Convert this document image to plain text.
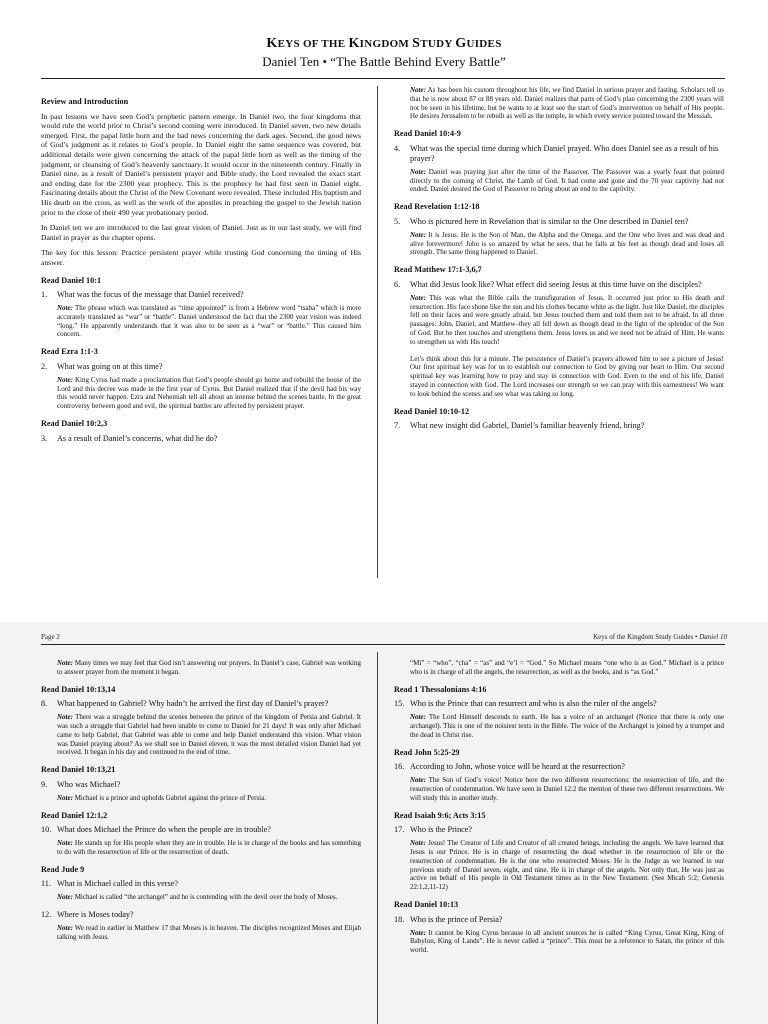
KEYS OF THE KINGDOM STUDY GUIDES
Daniel Ten • “The Battle Behind Every Battle”
Review and Introduction

In past lessons we have seen God’s prophetic pattern emerge. In Daniel two, the four kingdoms that would rule the world prior to Christ’s second coming were introduced. In Daniel seven, two new details emerged. First, the papal little horn and the bad news concerning the dark ages. Second, the good news of God’s judgment as it relates to God’s people. In Daniel eight the same sequence was covered, but additional details were given concerning the attack of the papal little horn as well as the timing of the judgment, or cleansing of God’s heavenly sanctuary. It would occur in the nineteenth century. Finally in Daniel nine, as a result of Daniel’s persistent prayer and Bible study, the Lord revealed the exact start and ending date for the 2300 year prophecy. This is the prophecy he had first seen in Daniel eight. Fascinating details about the Christ of the New Covenant were revealed. These included His baptism and His death on the cross, as well as the work of the apostles in preaching the gospel to the Jewish nation prior to the close of their 490 year probationary period.

In Daniel ten we are introduced to the last great vision of Daniel. Just as in our last study, we will find Daniel in prayer as the chapter opens.

The key for this lesson: Practice persistent prayer while trusting God concerning the timing of His answer.

Read Daniel 10:1
1.	What was the focus of the message that Daniel received?
Note: The phrase which was translated as “time appointed” is from a Hebrew word “tsaba” which is more accurately translated as “war” or “battle”. Daniel understood the fact that the 2300 year vision was indeed “long.” He apparently understands that it was also to be seen as a “war” or “battle.” This caused him concern.
Read Ezra 1:1-3
2.	What was going on at this time?
Note: King Cyrus had made a proclamation that God’s people should go home and rebuild the house of the Lord and this decree was made in the first year of Cyrus. But Daniel realized that if the devil had his way this would never happen. Ezra and Nehemiah tell all about an intense behind the scenes battle. In the great controversy between good and evil, the spiritual battles are affected by persistent prayer.
Read Daniel 10:2,3
3.	As a result of Daniel’s concerns, what did he do?
Note: As has been his custom throughout his life, we find Daniel in serious prayer and fasting. Scholars tell us that he is now about 87 or 88 years old. Daniel realizes that parts of God’s plan concerning the 2300 years will not be seen in his lifetime, but he wants to at least see the start of God’s intervention on behalf of His people. He desires Jerusalem to be rebuilt as well as the temple, in which every service pointed toward the Messiah.
Read Daniel 10:4-9
4.	What was the special time during which Daniel prayed. Who does Daniel see as a result of his prayer?
Note: Daniel was praying just after the time of the Passover. The Passover was a yearly feast that pointed directly to the coming of Christ, the Lamb of God. It had come and gone and the 70 year captivity had not ended. Daniel desired the God of Passover to bring about an end to the captivity.
Read Revelation 1:12-18
5.	Who is pictured here in Revelation that is similar to the One described in Daniel ten?
Note: It is Jesus. He is the Son of Man, the Alpha and the Omega, and the One who lives and was dead and alive forevermore! John is so amazed by what he sees, that he falls at his feet as though dead and loses all strength. The same thing happened to Daniel.
Read Matthew 17:1-3,6,7
6.	What did Jesus look like? What effect did seeing Jesus at this time have on the disciples?
Note: This was what the Bible calls the transfiguration of Jesus. It occurred just prior to His death and resurrection. His face shone like the sun and his clothes became white as the light. Just like Daniel, the disciples fell on their faces and were greatly afraid, but Jesus touched them and told them not to be afraid. In all three passages: John, Daniel, and Matthew–they all fell down as though dead in the light of the splendor of the Son of God. But he then touches and strengthens them. Jesus loves us and we need not be afraid of Him. He wants to strengthen us with His touch!
Let’s think about this for a minute. The persistence of Daniel’s prayers allowed him to see a picture of Jesus! Our first spiritual key was for us to establish our connection to God by giving our heart to Him. Our second spiritual key was learning how to pray and stay in connection with God. Even to the end of his life, Daniel stayed in connection with God. The Lord increases our strength so we can pray with this earnestness! We want to look behind the scenes and see what was taking so long.
Read Daniel 10:10-12
7.	What new insight did Gabriel, Daniel’s familiar heavenly friend, bring?
Page 2	Keys of the Kingdom Study Guides • Daniel 10
Note: Many times we may feel that God isn’t answering our prayers. In Daniel’s case, Gabriel was working to answer prayer from the moment it began.
Read Daniel 10:13,14
8.	What happened to Gabriel? Why hadn’t he arrived the first day of Daniel’s prayer?
Note: There was a struggle behind the scenes between the prince of the kingdom of Persia and Gabriel. It was such a struggle that Gabriel had been unable to come to Daniel for 21 days! It was only after Michael came to help Gabriel, that Gabriel was able to come and help Daniel understand this vision. What vision was Daniel praying about? As we shall see in Daniel eleven, it was the most detailed vision Daniel had yet received. It began in his day and continued to the end of time.
Read Daniel 10:13,21
9.	Who was Michael?
Note: Michael is a prince and upholds Gabriel against the prince of Persia.
Read Daniel 12:1,2
10. What does Michael the Prince do when the people are in trouble?
Note: He stands up for His people when they are in trouble. He is in charge of the books and has something to do with the resurrection of life or the resurrection of death.
Read Jude 9
11. What is Michael called in this verse?
Note: Michael is called “the archangel” and he is contending with the devil over the body of Moses.
12. Where is Moses today?
Note: We read in earlier in Matthew 17 that Moses is in heaven. The disciples recognized Moses and Elijah talking with Jesus.
“Mi” = “who”, “cha” = “as” and “e’l = “God.” So Michael means “one who is as God.” Michael is a prince who is in charge of all the angels, the resurrection, as well as the books, and is “as God.”
Read 1 Thessalonians 4:16
15. Who is the Prince that can resurrect and who is also the ruler of the angels?
Note: The Lord Himself descends to earth. He has a voice of an archangel (Notice that there is only one archangel). This is one of the noisiest texts in the Bible. The voice of the Archangel is joined by a trumpet and the dead in Christ rise.
Read John 5:25-29
16. According to John, whose voice will be heard at the resurrection?
Note: The Son of God’s voice! Notice here the two different resurrections: the resurrection of life, and the resurrection of condemnation. We have seen in Daniel 12:2 the mention of these two different resurrections. We will study this in another study.
Read Isaiah 9:6; Acts 3:15
17. Who is the Prince?
Note: Jesus! The Creator of Life and Creator of all created beings, including the angels. We have learned that Jesus is our Prince. He is in charge of resurrecting the dead whether in the resurrection of life or the resurrection of condemnation. He is the one who resurrected Moses. He is the Judge as we learned in our previous study of Daniel seven, eight, and nine. He is in charge of the angels. Not only that, He was just as active on behalf of His people in Old Testament times as in the New Testament. (See Micah 5:2; Genesis 22:1,2,11-12)
Read Daniel 10:13
18. Who is the prince of Persia?
Note: It cannot be King Cyrus because in all ancient sources he is called “King Cyrus, Great King, King of Babylon, King of Lands”. He is never called a “prince”. This must be a reference to Satan, the prince of this world.
